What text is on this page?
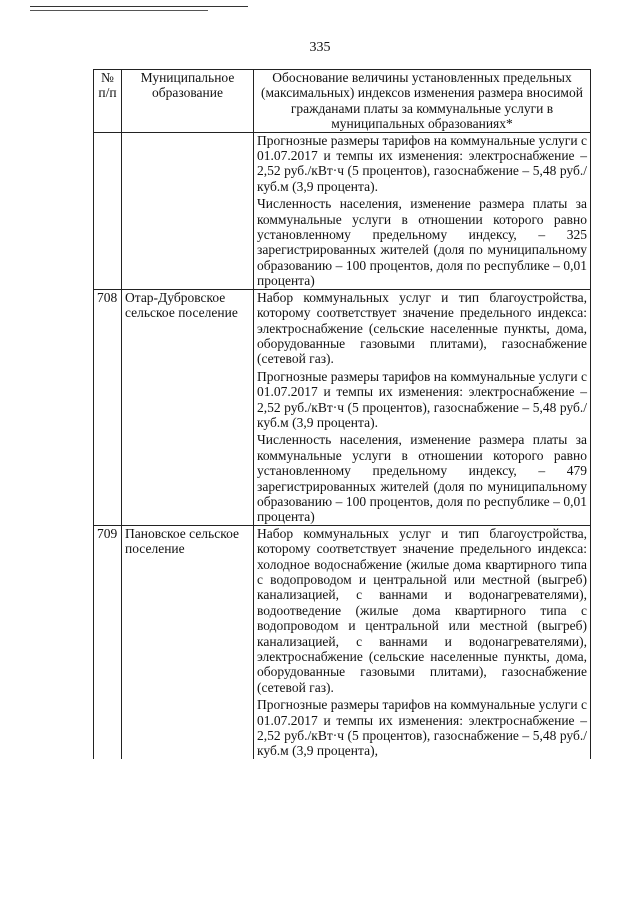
335
№ п/п	Муниципальное образование	Обоснование величины установленных предельных (максимальных) индексов изменения размера вносимой гражданами платы за коммунальные услуги в муниципальных образованиях*

		Прогнозные размеры тарифов на коммунальные услуги с 01.07.2017 и темпы их изменения: электроснабжение – 2,52 руб./кВт·ч (5 процентов), газоснабжение – 5,48 руб./куб.м (3,9 процента).

Численность населения, изменение размера платы за коммунальные услуги в отношении которого равно установленному предельному индексу, – 325 зарегистрированных жителей (доля по муниципальному образованию – 100 процентов, доля по республике – 0,01 процента)

708	Отар-Дубровское сельское поселение	Набор коммунальных услуг и тип благоустройства, которому соответствует значение предельного индекса: электроснабжение (сельские населенные пункты, дома, оборудованные газовыми плитами), газоснабжение (сетевой газ).

Прогнозные размеры тарифов на коммунальные услуги с 01.07.2017 и темпы их изменения: электроснабжение – 2,52 руб./кВт·ч (5 процентов), газоснабжение – 5,48 руб./куб.м (3,9 процента).

Численность населения, изменение размера платы за коммунальные услуги в отношении которого равно установленному предельному индексу, – 479 зарегистрированных жителей (доля по муниципальному образованию – 100 процентов, доля по республике – 0,01 процента)

709	Пановское сельское поселение	Набор коммунальных услуг и тип благоустройства, которому соответствует значение предельного индекса: холодное водоснабжение (жилые дома квартирного типа с водопроводом и центральной или местной (выгреб) канализацией, с ваннами и водонагревателями), водоотведение (жилые дома квартирного типа с водопроводом и центральной или местной (выгреб) канализацией, с ваннами и водонагревателями), электроснабжение (сельские населенные пункты, дома, оборудованные газовыми плитами), газоснабжение (сетевой газ).

Прогнозные размеры тарифов на коммунальные услуги с 01.07.2017 и темпы их изменения: электроснабжение – 2,52 руб./кВт·ч (5 процентов), газоснабжение – 5,48 руб./куб.м (3,9 процента),
